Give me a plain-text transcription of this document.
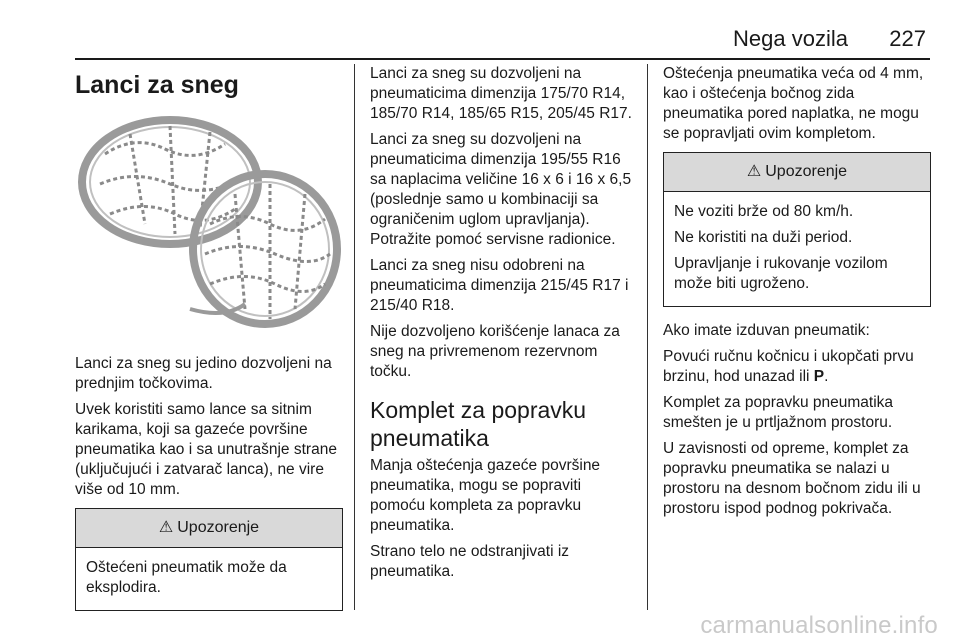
Nega vozila 227
Lanci za sneg

Lanci za sneg su jedino dozvoljeni na prednjim točkovima.

Uvek koristiti samo lance sa sitnim karikama, koji sa gazeće površine pneumatika kao i sa unutrašnje strane (uključujući i zatvarač lanca), ne vire više od 10 mm.

⚠ Upozorenje

Oštećeni pneumatik može da eksplodira.

Lanci za sneg su dozvoljeni na pneumaticima dimenzija 175/70 R14, 185/70 R14, 185/65 R15, 205/45 R17.

Lanci za sneg su dozvoljeni na pneumaticima dimenzija 195/55 R16 sa naplacima veličine 16 x 6 i 16 x 6,5 (poslednje samo u kombinaciji sa ograničenim uglom upravljanja). Potražite pomoć servisne radionice.

Lanci za sneg nisu odobreni na pneumaticima dimenzija 215/45 R17 i 215/40 R18.

Nije dozvoljeno korišćenje lanaca za sneg na privremenom rezervnom točku.

Komplet za popravku pneumatika

Manja oštećenja gazeće površine pneumatika, mogu se popraviti pomoću kompleta za popravku pneumatika.

Strano telo ne odstranjivati iz pneumatika.

Oštećenja pneumatika veća od 4 mm, kao i oštećenja bočnog zida pneumatika pored naplatka, ne mogu se popravljati ovim kompletom.

⚠ Upozorenje

Ne voziti brže od 80 km/h.

Ne koristiti na duži period.

Upravljanje i rukovanje vozilom može biti ugroženo.

Ako imate izduvan pneumatik:

Povući ručnu kočnicu i ukopčati prvu brzinu, hod unazad ili P.

Komplet za popravku pneumatika smešten je u prtljažnom prostoru.

U zavisnosti od opreme, komplet za popravku pneumatika se nalazi u prostoru na desnom bočnom zidu ili u prostoru ispod podnog pokrivača.

carmanualsonline.info
